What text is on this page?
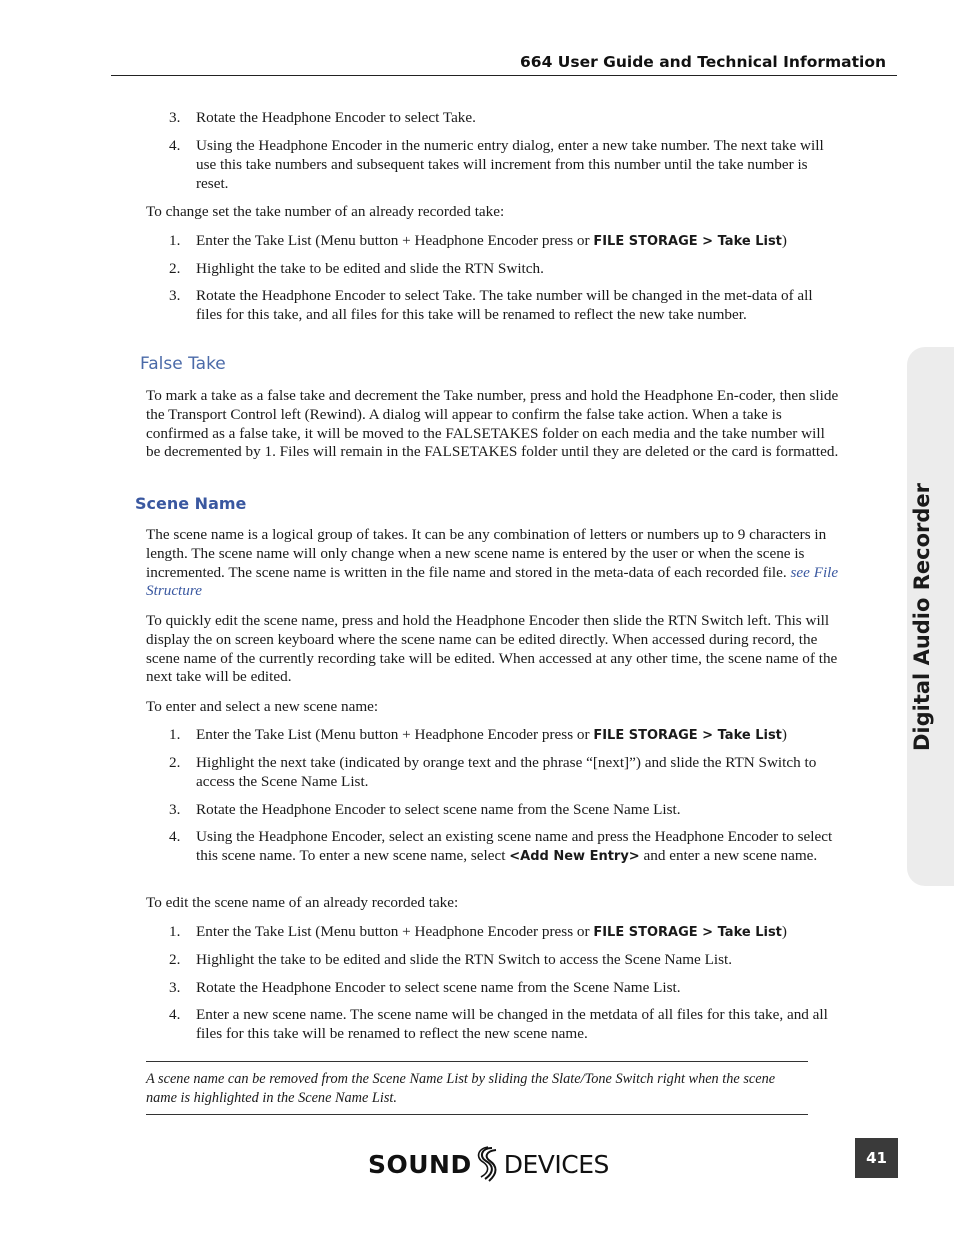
664 User Guide and Technical Information
Digital Audio Recorder
3.	Rotate the Headphone Encoder to select Take.
4.	Using the Headphone Encoder in the numeric entry dialog, enter a new take number. The next take will use this take numbers and subsequent takes will increment from this number until the take number is reset.
To change set the take number of an already recorded take:
1.	Enter the Take List (Menu button + Headphone Encoder press or FILE STORAGE > Take List)
2.	Highlight the take to be edited and slide the RTN Switch.
3.	Rotate the Headphone Encoder to select Take. The take number will be changed in the met-data of all files for this take, and all files for this take will be renamed to reflect the new take number.
False Take
To mark a take as a false take and decrement the Take number, press and hold the Headphone En-coder, then slide the Transport Control left (Rewind). A dialog will appear to confirm the false take action. When a take is confirmed as a false take, it will be moved to the FALSETAKES folder on each media and the take number will be decremented by 1. Files will remain in the FALSETAKES folder until they are deleted or the card is formatted.
Scene Name
The scene name is a logical group of takes. It can be any combination of letters or numbers up to 9 characters in length. The scene name will only change when a new scene name is entered by the user or when the scene is incremented. The scene name is written in the file name and stored in the meta-data of each recorded file. see File Structure
To quickly edit the scene name, press and hold the Headphone Encoder then slide the RTN Switch left. This will display the on screen keyboard where the scene name can be edited directly. When accessed during record, the scene name of the currently recording take will be edited. When accessed at any other time, the scene name of the next take will be edited.
To enter and select a new scene name:
1.	Enter the Take List (Menu button + Headphone Encoder press or FILE STORAGE > Take List)
2.	Highlight the next take (indicated by orange text and the phrase “[next]”) and slide the RTN Switch to access the Scene Name List.
3.	Rotate the Headphone Encoder to select scene name from the Scene Name List.
4.	Using the Headphone Encoder, select an existing scene name and press the Headphone Encoder to select this scene name. To enter a new scene name, select <Add New Entry> and enter a new scene name.
To edit the scene name of an already recorded take:
1.	Enter the Take List (Menu button + Headphone Encoder press or FILE STORAGE > Take List)
2.	Highlight the take to be edited and slide the RTN Switch to access the Scene Name List.
3.	Rotate the Headphone Encoder to select scene name from the Scene Name List.
4.	Enter a new scene name. The scene name will be changed in the metdata of all files for this take, and all files for this take will be renamed to reflect the new scene name.
A scene name can be removed from the Scene Name List by sliding the Slate/Tone Switch right when the scene name is highlighted in the Scene Name List.
SOUND DEVICES	41
